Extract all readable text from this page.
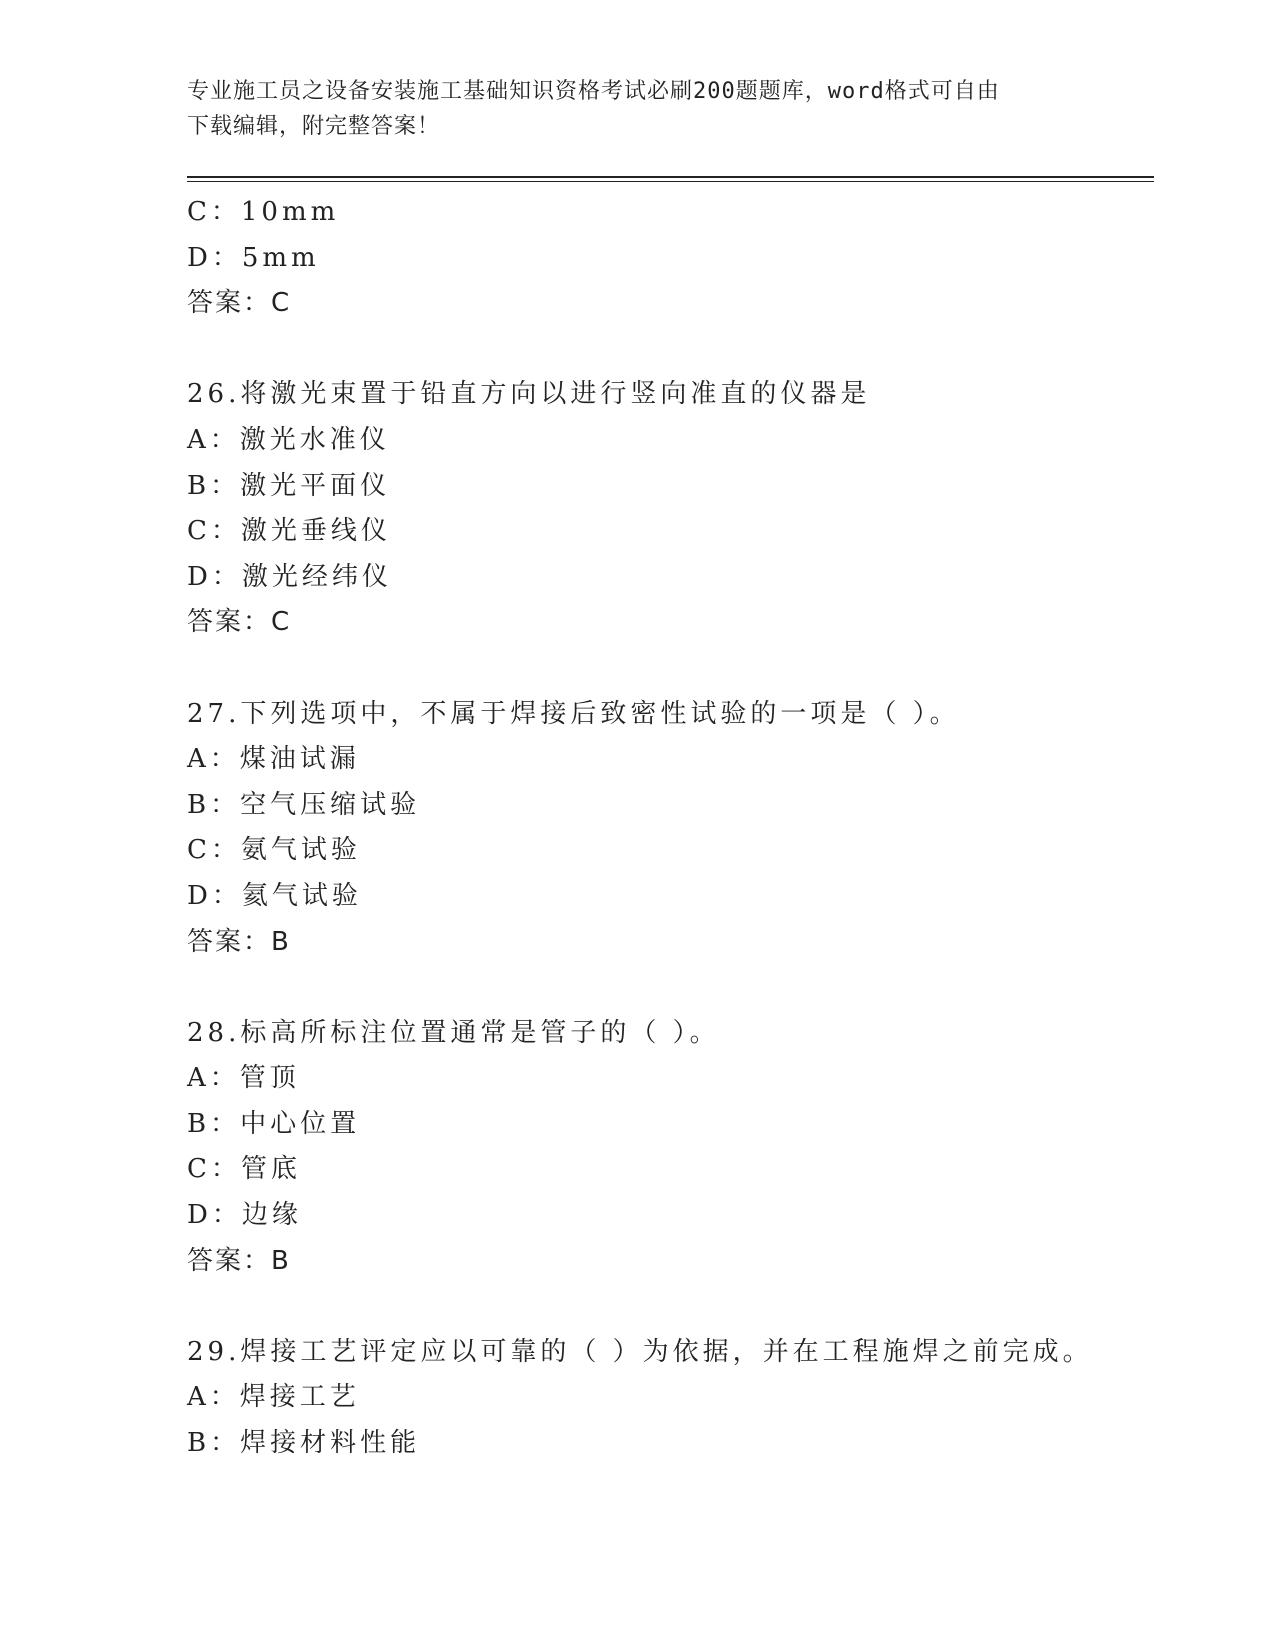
专业施工员之设备安装施工基础知识资格考试必刷200题题库，word格式可自由
下载编辑，附完整答案！
C：10mm
D：5mm
答案：C
26.将激光束置于铅直方向以进行竖向准直的仪器是
A：激光水准仪
B：激光平面仪
C：激光垂线仪
D：激光经纬仪
答案：C
27.下列选项中，不属于焊接后致密性试验的一项是（ ）。
A：煤油试漏
B：空气压缩试验
C：氨气试验
D：氦气试验
答案：B
28.标高所标注位置通常是管子的（ ）。
A：管顶
B：中心位置
C：管底
D：边缘
答案：B
29.焊接工艺评定应以可靠的（ ）为依据，并在工程施焊之前完成。
A：焊接工艺
B：焊接材料性能
